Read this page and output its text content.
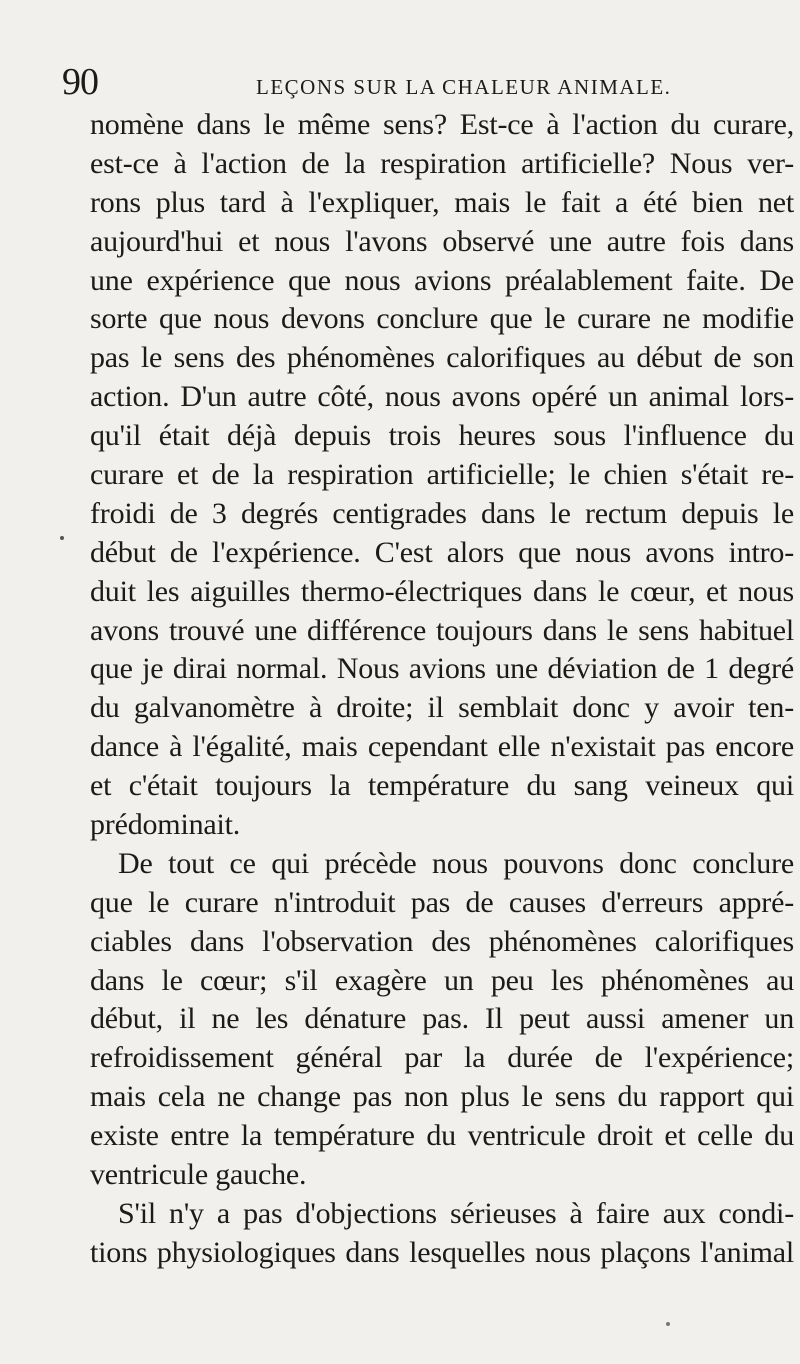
90	LEÇONS SUR LA CHALEUR ANIMALE.
nomène dans le même sens? Est-ce à l'action du curare,
est-ce à l'action de la respiration artificielle? Nous ver-
rons plus tard à l'expliquer, mais le fait a été bien net
aujourd'hui et nous l'avons observé une autre fois dans
une expérience que nous avions préalablement faite. De
sorte que nous devons conclure que le curare ne modifie
pas le sens des phénomènes calorifiques au début de son
action. D'un autre côté, nous avons opéré un animal lors-
qu'il était déjà depuis trois heures sous l'influence du
curare et de la respiration artificielle; le chien s'était re-
froidi de 3 degrés centigrades dans le rectum depuis le
début de l'expérience. C'est alors que nous avons intro-
duit les aiguilles thermo-électriques dans le cœur, et nous
avons trouvé une différence toujours dans le sens habituel
que je dirai normal. Nous avions une déviation de 1 degré
du galvanomètre à droite; il semblait donc y avoir ten-
dance à l'égalité, mais cependant elle n'existait pas encore
et c'était toujours la température du sang veineux qui
prédominait.
De tout ce qui précède nous pouvons donc conclure
que le curare n'introduit pas de causes d'erreurs appré-
ciables dans l'observation des phénomènes calorifiques
dans le cœur; s'il exagère un peu les phénomènes au
début, il ne les dénature pas. Il peut aussi amener un
refroidissement général par la durée de l'expérience;
mais cela ne change pas non plus le sens du rapport qui
existe entre la température du ventricule droit et celle du
ventricule gauche.
S'il n'y a pas d'objections sérieuses à faire aux condi-
tions physiologiques dans lesquelles nous plaçons l'animal
